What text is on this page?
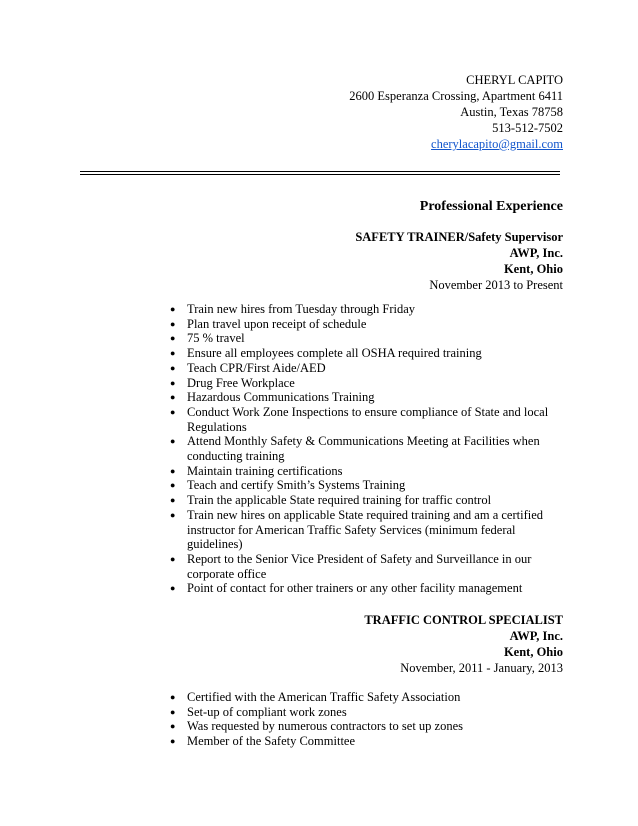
CHERYL CAPITO
2600 Esperanza Crossing, Apartment 6411
Austin, Texas 78758
513-512-7502
cherylacapito@gmail.com
Professional Experience
SAFETY TRAINER/Safety Supervisor
AWP, Inc.
Kent, Ohio
November 2013 to Present
● Train new hires from Tuesday through Friday
● Plan travel upon receipt of schedule
● 75 % travel
● Ensure all employees complete all OSHA required training
● Teach CPR/First Aide/AED
● Drug Free Workplace
● Hazardous Communications Training
● Conduct Work Zone Inspections to ensure compliance of State and local Regulations
● Attend Monthly Safety & Communications Meeting at Facilities when conducting training
● Maintain training certifications
● Teach and certify Smith’s Systems Training
● Train the applicable State required training for traffic control
● Train new hires on applicable State required training and am a certified instructor for American Traffic Safety Services (minimum federal guidelines)
● Report to the Senior Vice President of Safety and Surveillance in our corporate office
● Point of contact for other trainers or any other facility management
TRAFFIC CONTROL SPECIALIST
AWP, Inc.
Kent, Ohio
November, 2011 - January, 2013
● Certified with the American Traffic Safety Association
● Set-up of compliant work zones
● Was requested by numerous contractors to set up zones
● Member of the Safety Committee
